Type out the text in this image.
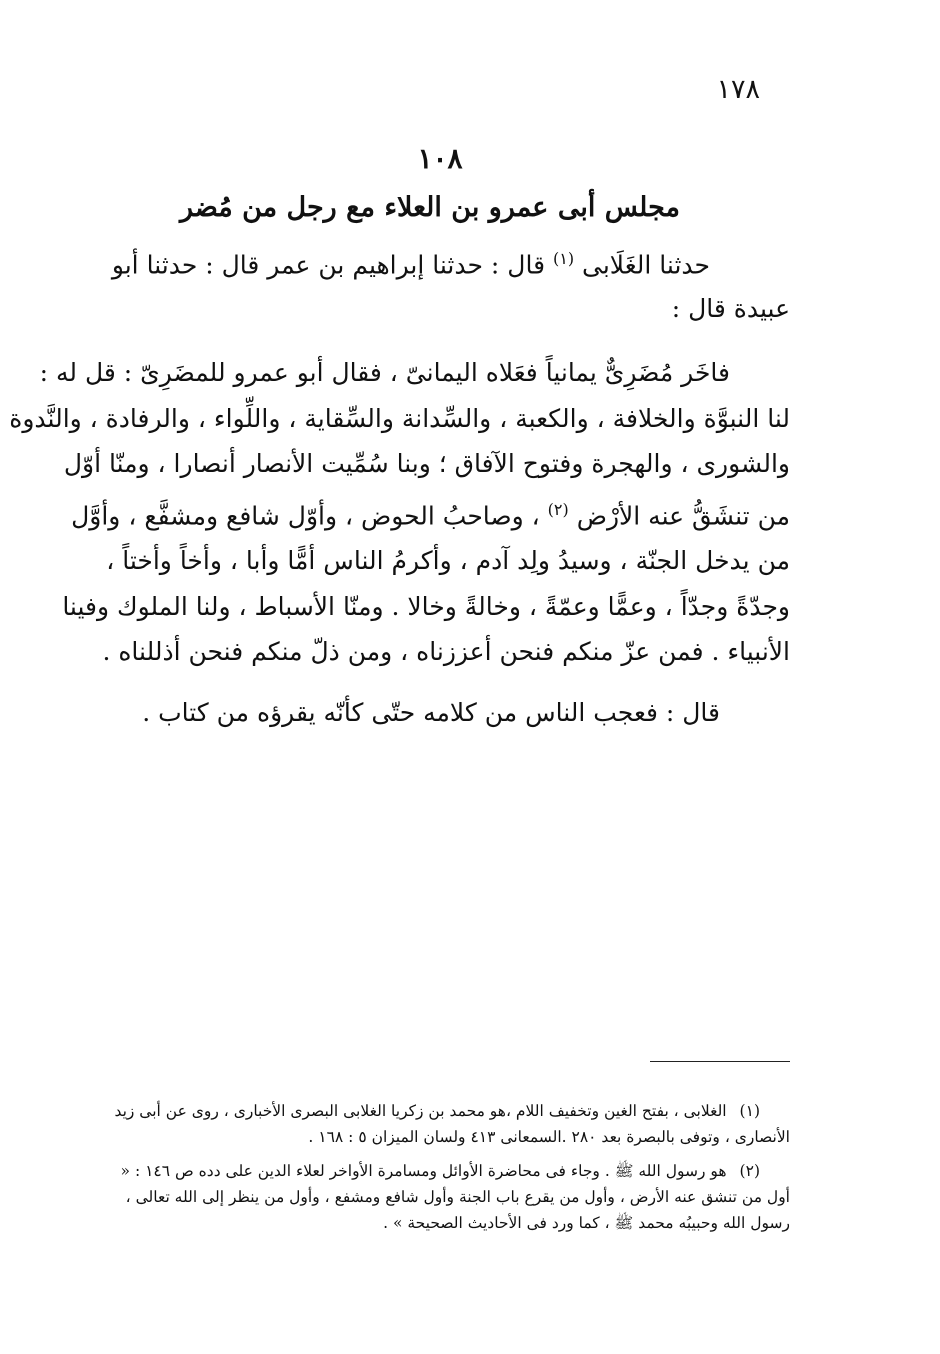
١٧٨
١٠٨
مجلس أبى عمرو بن العلاء مع رجل من مُضر
حدثنا الغَلَابى $^{(١)}$ قال : حدثنا إبراهيم بن عمر قال : حدثنا أبو
عبيدة قال :
فاخَر مُضَرِىٌّ يمانياً فعَلاه اليمانىّ ، فقال أبو عمرو للمضَرِىّ : قل له :
لنا النبوَّة والخلافة ، والكعبة ، والسِّدانة والسِّقاية ، واللِّواء ، والرفادة ، والنَّدوة
والشورى ، والهجرة وفتوح الآفاق ؛ وبنا سُمِّيت الأنصار أنصارا ، ومنّا أوّل
من تنشَقُّ عنه الأرْض $^{(٢)}$ ، وصاحبُ الحوض ، وأوّل شافع ومشفَّع ، وأوَّل
من يدخل الجنّة ، وسيدُ ولِد آدم ، وأكرمُ الناس أمًّا وأبا ، وأخاً وأختاً ،
وجدّةً وجدّاً ، وعمًّا وعمّةً ، وخالةً وخالا . ومنّا الأسباط ، ولنا الملوك وفينا
الأنبياء . فمن عزّ منكم فنحن أعززناه ، ومن ذلّ منكم فنحن أذللناه .
قال : فعجب الناس من كلامه حتّى كأنّه يقرؤه من كتاب .
(١) الغلابى ، بفتح الغين وتخفيف اللام ،هو محمد بن زكريا الغلابى البصرى الأخبارى ، روى عن أبى زيد الأنصارى ، وتوفى بالبصرة بعد ٢٨٠ .السمعانى ٤١٣ ولسان الميزان ٥ : ١٦٨ .
(٢) هو رسول الله ﷺ . وجاء فى محاضرة الأوائل ومسامرة الأواخر لعلاء الدين على دده ص ١٤٦ : « أول من تنشق عنه الأرض ، وأول من يقرع باب الجنة وأول شافع ومشفع ، وأول من ينظر إلى الله تعالى ، رسول الله وحبيبُه محمد ﷺ ، كما ورد فى الأحاديث الصحيحة » .
